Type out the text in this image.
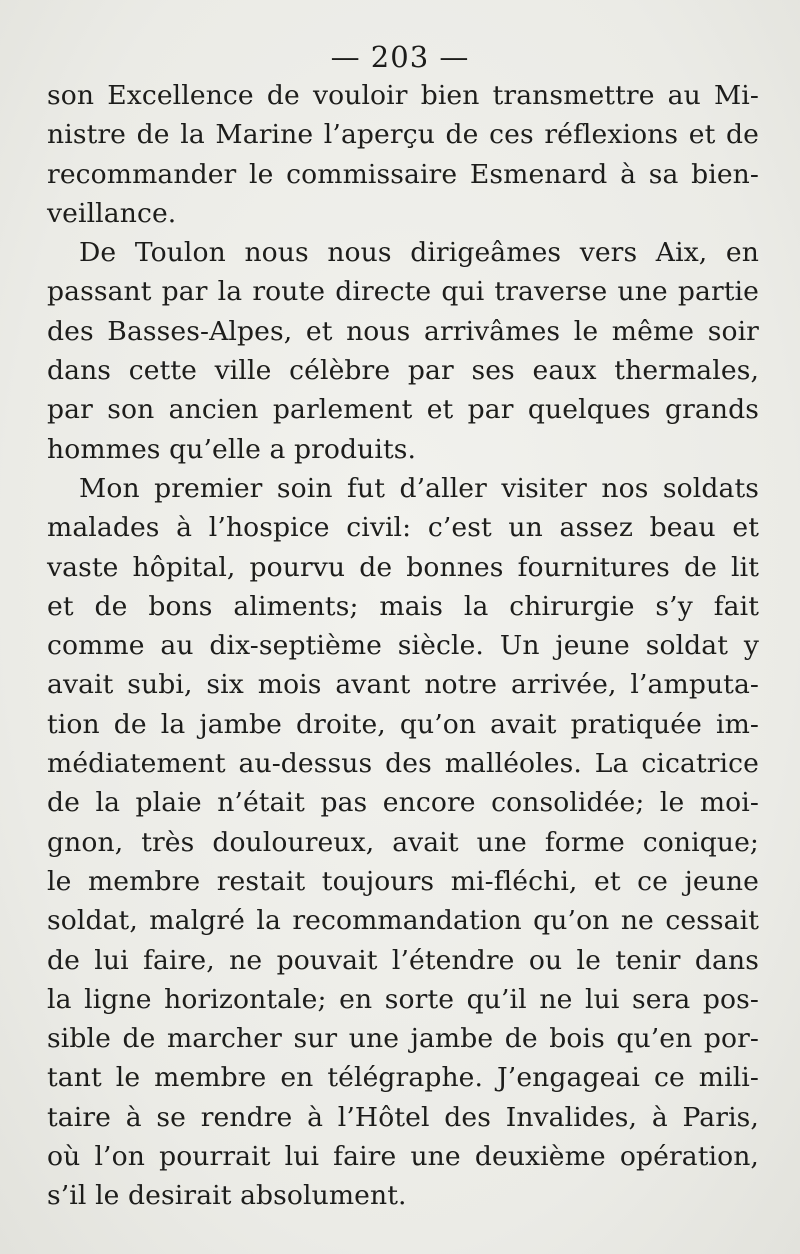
— 203 —
son Excellence de vouloir bien transmettre au Mi-
nistre de la Marine l’aperçu de ces réflexions et de
recommander le commissaire Esmenard à sa bien-
veillance.
De Toulon nous nous dirigeâmes vers Aix, en
passant par la route directe qui traverse une partie
des Basses-Alpes, et nous arrivâmes le même soir
dans cette ville célèbre par ses eaux thermales,
par son ancien parlement et par quelques grands
hommes qu’elle a produits.
Mon premier soin fut d’aller visiter nos soldats
malades à l’hospice civil: c’est un assez beau et
vaste hôpital, pourvu de bonnes fournitures de lit
et de bons aliments; mais la chirurgie s’y fait
comme au dix-septième siècle. Un jeune soldat y
avait subi, six mois avant notre arrivée, l’amputa-
tion de la jambe droite, qu’on avait pratiquée im-
médiatement au-dessus des malléoles. La cicatrice
de la plaie n’était pas encore consolidée; le moi-
gnon, très douloureux, avait une forme conique;
le membre restait toujours mi-fléchi, et ce jeune
soldat, malgré la recommandation qu’on ne cessait
de lui faire, ne pouvait l’étendre ou le tenir dans
la ligne horizontale; en sorte qu’il ne lui sera pos-
sible de marcher sur une jambe de bois qu’en por-
tant le membre en télégraphe. J’engageai ce mili-
taire à se rendre à l’Hôtel des Invalides, à Paris,
où l’on pourrait lui faire une deuxième opération,
s’il le desirait absolument.
